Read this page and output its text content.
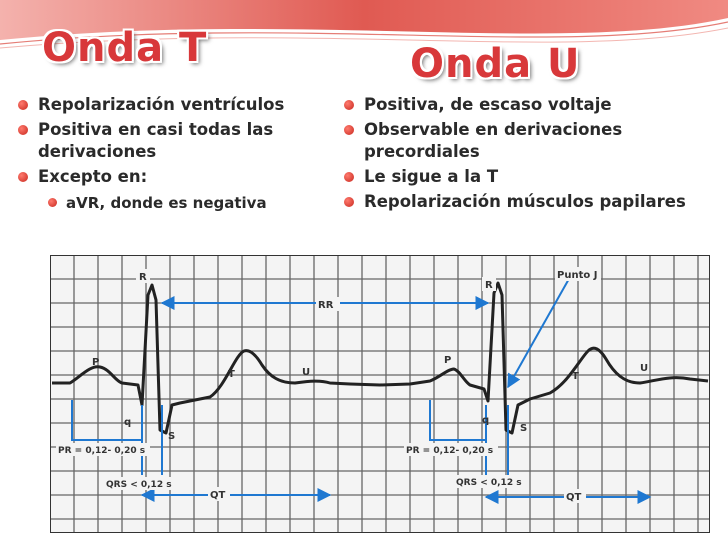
Onda T	Onda U
Repolarización ventrículos
Positiva en casi todas las derivaciones
Excepto en:
aVR, donde es negativa
Positiva, de escaso voltaje
Observable en derivaciones precordiales
Le sigue a la T
Repolarización músculos papilares
R
R
RR
Punto J
P	P
T	T
U	U
q	q
S
S
PR = 0,12- 0,20 s	PR = 0,12- 0,20 s
QRS < 0,12 s	QRS < 0,12 s
QT	QT
